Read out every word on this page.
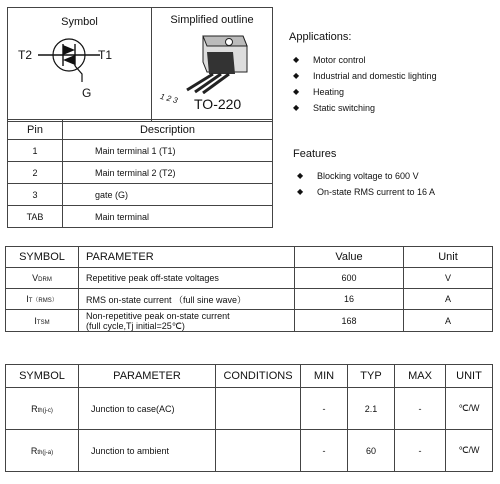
Symbol	Simplified outline
T2	T1
G	1 2 3 TO-220
Pin	Description
1	Main terminal 1 (T1)
2	Main terminal 2 (T2)
3	gate (G)
TAB	Main terminal
Applications:
◆ Motor control
◆ Industrial and domestic lighting
◆ Heating
◆ Static switching
Features
◆ Blocking voltage to 600 V
◆ On-state RMS current to 16 A
SYMBOL	PARAMETER	Value	Unit
VDRM	Repetitive peak off-state voltages	600	V
IT（RMS）	RMS on-state current （full sine wave）	16	A
ITSM	Non-repetitive peak on-state current
(full cycle,Tj initial=25℃)	168	A
SYMBOL	PARAMETER	CONDITIONS	MIN	TYP	MAX	UNIT
Rth(j-c)	Junction to case(AC)		-	2.1	-	℃/W
Rth(j-a)	Junction to ambient		-	60	-	℃/W
